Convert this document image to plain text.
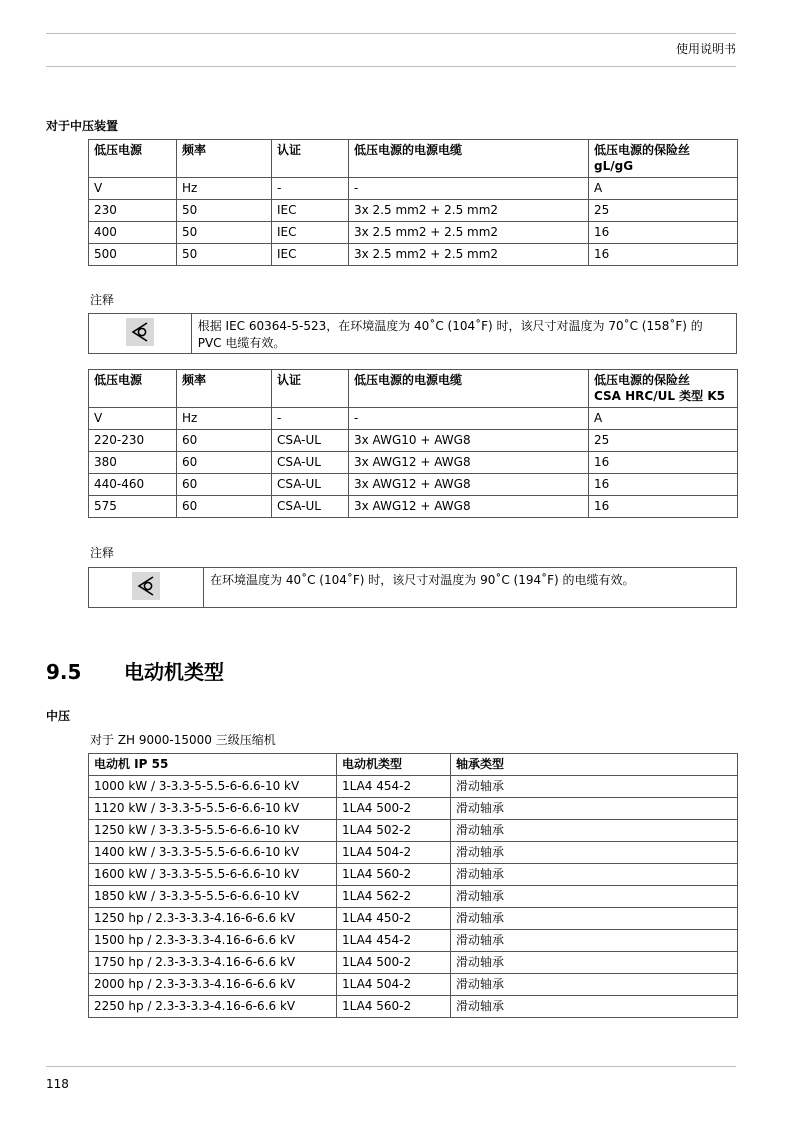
使用说明书
对于中压装置
低压电源	频率	认证	低压电源的电源电缆	低压电源的保险丝
gL/gG
V	Hz	-	-	A
230	50	IEC	3x 2.5 mm2 + 2.5 mm2	25
400	50	IEC	3x 2.5 mm2 + 2.5 mm2	16
500	50	IEC	3x 2.5 mm2 + 2.5 mm2	16
注释
根据 IEC 60364-5-523，在环境温度为 40˚C (104˚F) 时，该尺寸对温度为 70˚C (158˚F) 的 PVC 电缆有效。
低压电源	频率	认证	低压电源的电源电缆	低压电源的保险丝
CSA HRC/UL 类型 K5
V	Hz	-	-	A
220-230	60	CSA-UL	3x AWG10 + AWG8	25
380	60	CSA-UL	3x AWG12 + AWG8	16
440-460	60	CSA-UL	3x AWG12 + AWG8	16
575	60	CSA-UL	3x AWG12 + AWG8	16
注释
在环境温度为 40˚C (104˚F) 时，该尺寸对温度为 90˚C (194˚F) 的电缆有效。
9.5 电动机类型
中压
对于 ZH 9000-15000 三级压缩机
电动机 IP 55	电动机类型	轴承类型
1000 kW / 3-3.3-5-5.5-6-6.6-10 kV	1LA4 454-2	滑动轴承
1120 kW / 3-3.3-5-5.5-6-6.6-10 kV	1LA4 500-2	滑动轴承
1250 kW / 3-3.3-5-5.5-6-6.6-10 kV	1LA4 502-2	滑动轴承
1400 kW / 3-3.3-5-5.5-6-6.6-10 kV	1LA4 504-2	滑动轴承
1600 kW / 3-3.3-5-5.5-6-6.6-10 kV	1LA4 560-2	滑动轴承
1850 kW / 3-3.3-5-5.5-6-6.6-10 kV	1LA4 562-2	滑动轴承
1250 hp / 2.3-3-3.3-4.16-6-6.6 kV	1LA4 450-2	滑动轴承
1500 hp / 2.3-3-3.3-4.16-6-6.6 kV	1LA4 454-2	滑动轴承
1750 hp / 2.3-3-3.3-4.16-6-6.6 kV	1LA4 500-2	滑动轴承
2000 hp / 2.3-3-3.3-4.16-6-6.6 kV	1LA4 504-2	滑动轴承
2250 hp / 2.3-3-3.3-4.16-6-6.6 kV	1LA4 560-2	滑动轴承
118
